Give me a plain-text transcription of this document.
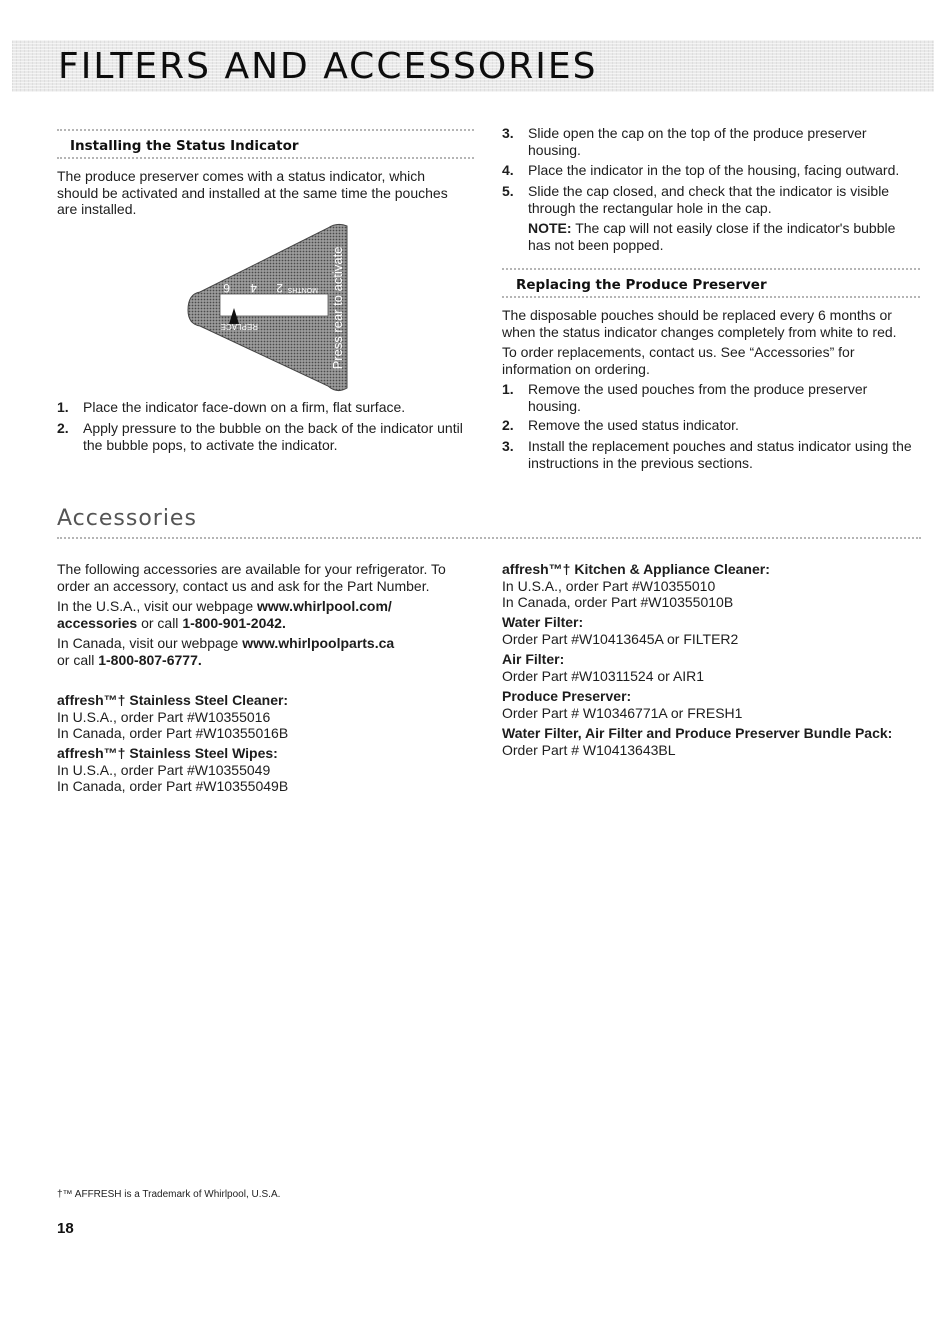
FILTERS AND ACCESSORIES
Installing the Status Indicator

The produce preserver comes with a status indicator, which should be activated and installed at the same time the pouches are installed.

6 4 2 MONTHS
REPLACE	Press rear to activate
1. Place the indicator face-down on a firm, flat surface.
2. Apply pressure to the bubble on the back of the indicator until the bubble pops, to activate the indicator.
3. Slide open the cap on the top of the produce preserver housing.
4. Place the indicator in the top of the housing, facing outward.
5. Slide the cap closed, and check that the indicator is visible through the rectangular hole in the cap.

NOTE: The cap will not easily close if the indicator's bubble has not been popped.

Replacing the Produce Preserver

The disposable pouches should be replaced every 6 months or when the status indicator changes completely from white to red.

To order replacements, contact us. See “Accessories” for information on ordering.

1. Remove the used pouches from the produce preserver housing.
2. Remove the used status indicator.
3. Install the replacement pouches and status indicator using the instructions in the previous sections.
Accessories

The following accessories are available for your refrigerator. To order an accessory, contact us and ask for the Part Number.

In the U.S.A., visit our webpage www.whirlpool.com/ accessories or call 1-800-901-2042.

In Canada, visit our webpage www.whirlpoolparts.ca
or call 1-800-807-6777.

affresh™† Stainless Steel Cleaner:
In U.S.A., order Part #W10355016
In Canada, order Part #W10355016B
affresh™† Stainless Steel Wipes:
In U.S.A., order Part #W10355049
In Canada, order Part #W10355049B
affresh™† Kitchen & Appliance Cleaner:
In U.S.A., order Part #W10355010
In Canada, order Part #W10355010B
Water Filter:
Order Part #W10413645A or FILTER2
Air Filter:
Order Part #W10311524 or AIR1
Produce Preserver:
Order Part # W10346771A or FRESH1
Water Filter, Air Filter and Produce Preserver Bundle Pack:
Order Part # W10413643BL
†™ AFFRESH is a Trademark of Whirlpool, U.S.A.
18
